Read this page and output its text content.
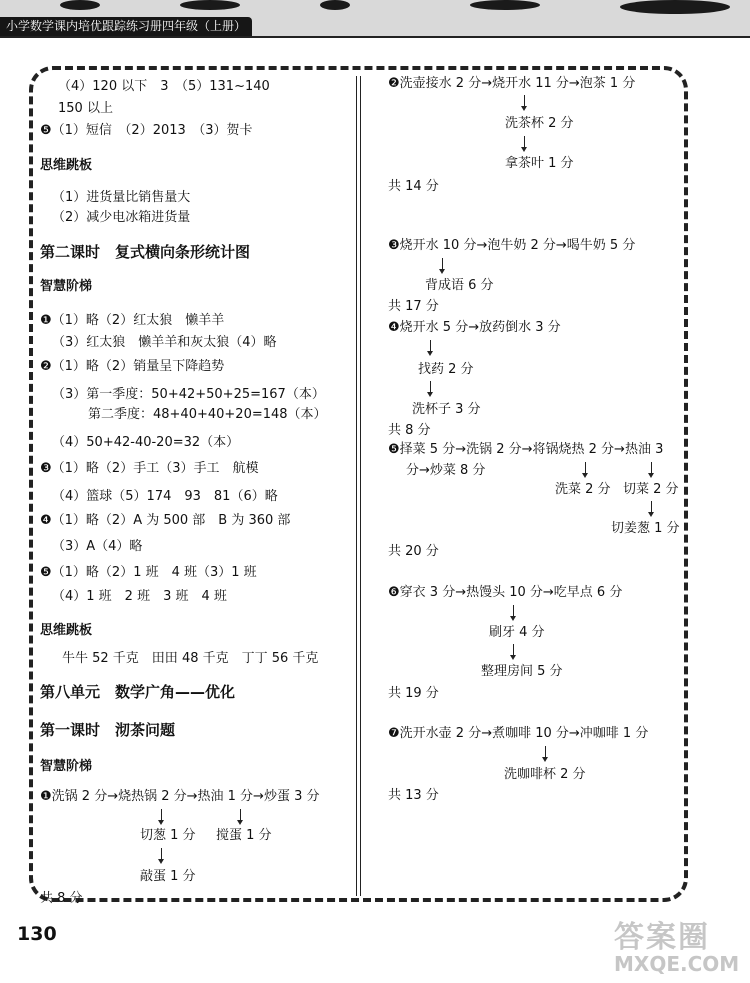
小学数学课内培优跟踪练习册四年级（上册）
（4）120 以下　3　（5）131~140
150 以上
❺（1）短信　（2）2013　（3）贺卡
思维跳板
（1）进货量比销售量大
（2）减少电冰箱进货量
第二课时　复式横向条形统计图
智慧阶梯
❶（1）略（2）红太狼　懒羊羊
（3）红太狼　懒羊羊和灰太狼（4）略
❷（1）略（2）销量呈下降趋势
（3）第一季度：50+42+50+25=167（本）
第二季度：48+40+40+20=148（本）
（4）50+42-40-20=32（本）
❸（1）略（2）手工（3）手工　航模
（4）篮球（5）174　93　81（6）略
❹（1）略（2）A 为 500 部　B 为 360 部
（3）A（4）略
❺（1）略（2）1 班　4 班（3）1 班
（4）1 班　2 班　3 班　4 班
思维跳板
牛牛 52 千克　田田 48 千克　丁丁 56 千克
第八单元　数学广角——优化
第一课时　沏茶问题
智慧阶梯
❶洗锅 2 分→烧热锅 2 分→热油 1 分→炒蛋 3 分
切葱 1 分 搅蛋 1 分
敲蛋 1 分
共 8 分
❷洗壶接水 2 分→烧开水 11 分→泡茶 1 分
洗茶杯 2 分
拿茶叶 1 分
共 14 分
❸烧开水 10 分→泡牛奶 2 分→喝牛奶 5 分
背成语 6 分
共 17 分
❹烧开水 5 分→放药倒水 3 分
找药 2 分
洗杯子 3 分
共 8 分
❺择菜 5 分→洗锅 2 分→将锅烧热 2 分→热油 3
分→炒菜 8 分
洗菜 2 分 切菜 2 分
切姜葱 1 分
共 20 分
❻穿衣 3 分→热馒头 10 分→吃早点 6 分
刷牙 4 分
整理房间 5 分
共 19 分
❼洗开水壶 2 分→煮咖啡 10 分→冲咖啡 1 分
洗咖啡杯 2 分
共 13 分
130	答案圈
MXQE.COM
